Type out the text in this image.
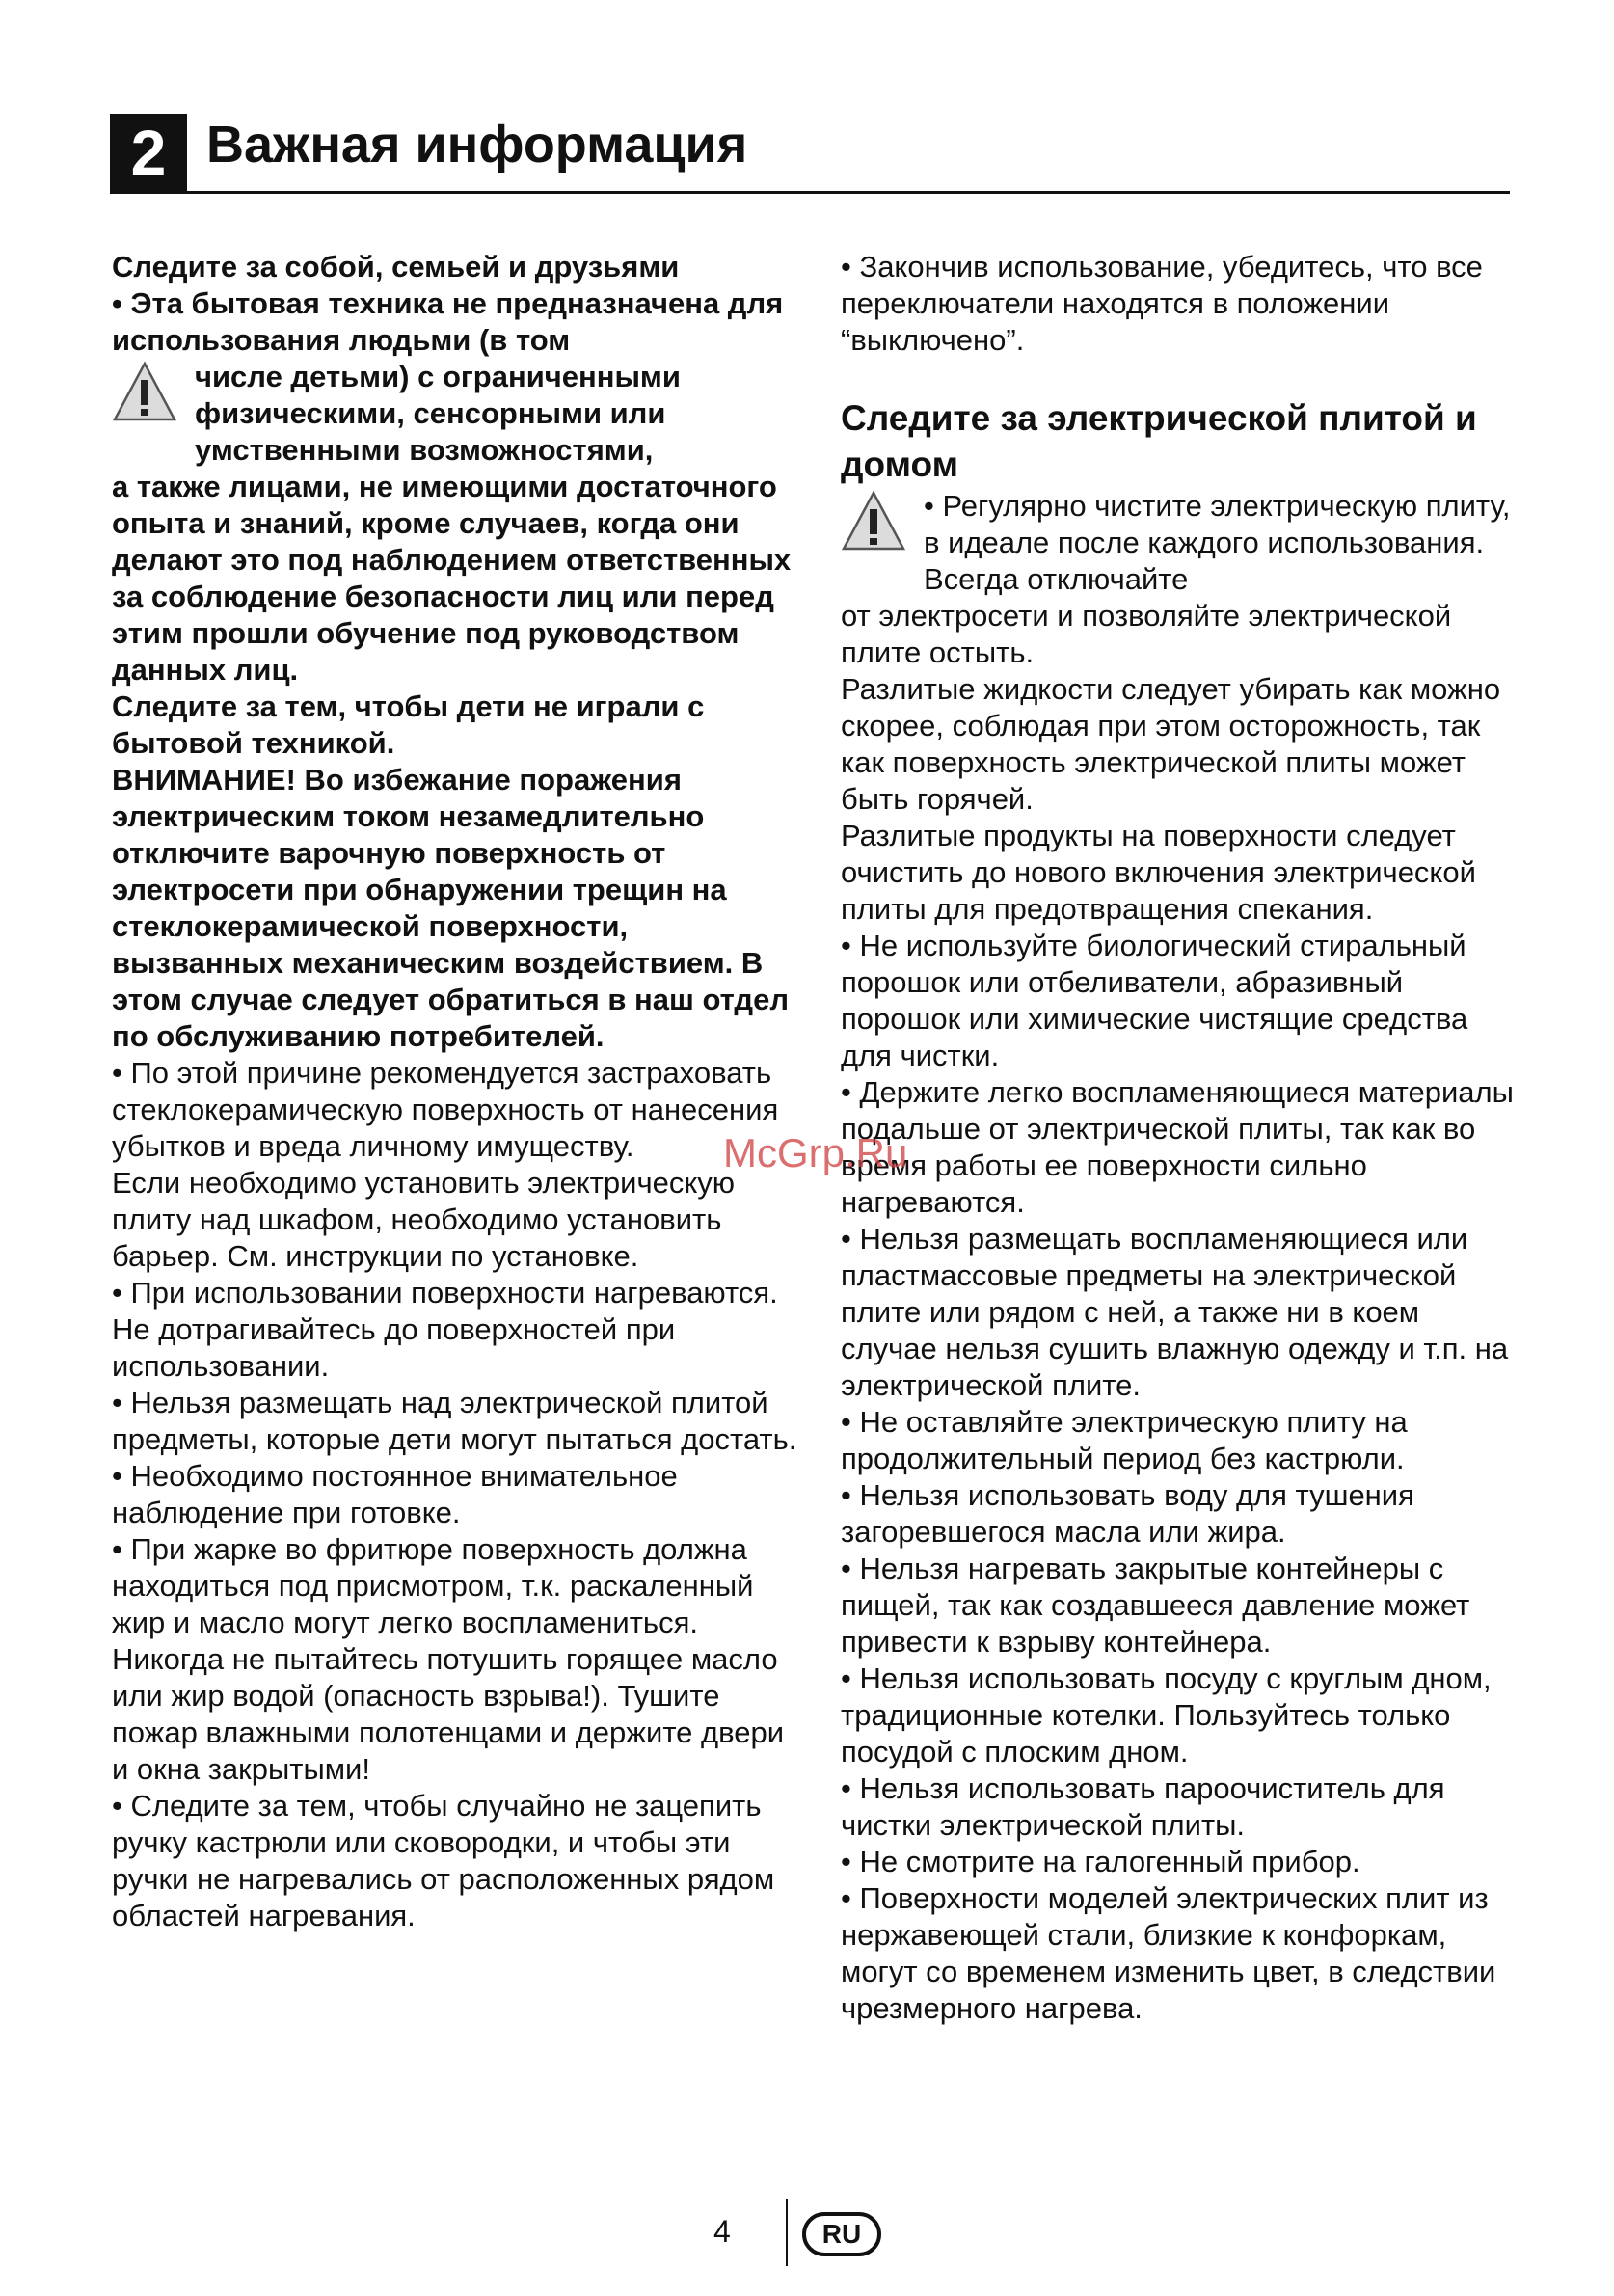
2 Важная информация

Следите за собой, семьей и друзьями

• Эта бытовая техника не предназначена для использования людьми (в том

числе детьми) с ограниченными физическими, сенсорными или умственными возможностями,

а также лицами, не имеющими достаточного опыта и знаний, кроме случаев, когда они делают это под наблюдением ответственных за соблюдение безопасности лиц или перед этим прошли обучение под руководством данных лиц.

Следите за тем, чтобы дети не играли с бытовой техникой.

ВНИМАНИЕ! Во избежание поражения электрическим током незамедлительно отключите варочную поверхность от электросети при обнаружении трещин на стеклокерамической поверхности, вызванных механическим воздействием. В этом случае следует обратиться в наш отдел по обслуживанию потребителей.

• По этой причине рекомендуется застраховать стеклокерамическую поверхность от нанесения убытков и вреда личному имуществу.

Если необходимо установить электрическую плиту над шкафом, необходимо установить барьер. См. инструкции по установке.

• При использовании поверхности нагреваются. Не дотрагивайтесь до поверхностей при использовании.

• Нельзя размещать над электрической плитой предметы, которые дети могут пытаться достать.

• Необходимо постоянное внимательное наблюдение при готовке.

• При жарке во фритюре поверхность должна находиться под присмотром, т.к. раскаленный жир и масло могут легко воспламениться. Никогда не пытайтесь потушить горящее масло или жир водой (опасность взрыва!). Тушите пожар влажными полотенцами и держите двери и окна закрытыми!

• Следите за тем, чтобы случайно не зацепить ручку кастрюли или сковородки, и чтобы эти ручки не нагревались от расположенных рядом областей нагревания.

• Закончив использование, убедитесь, что все переключатели находятся в положении “выключено”.

Следите за электрической плитой и домом

• Регулярно чистите электрическую плиту, в идеале после каждого использования. Всегда отключайте

от электросети и позволяйте электрической плите остыть.

Разлитые жидкости следует убирать как можно скорее, соблюдая при этом осторожность, так как поверхность электрической плиты может быть горячей.

Разлитые продукты на поверхности следует очистить до нового включения электрической плиты для предотвращения спекания.

• Не используйте биологический стиральный порошок или отбеливатели, абразивный порошок или химические чистящие средства для чистки.

• Держите легко воспламеняющиеся материалы подальше от электрической плиты, так как во время работы ее поверхности сильно нагреваются.

• Нельзя размещать воспламеняющиеся или пластмассовые предметы на электрической плите или рядом с ней, а также ни в коем случае нельзя сушить влажную одежду и т.п. на электрической плите.

• Не оставляйте электрическую плиту на продолжительный период без кастрюли.

• Нельзя использовать воду для тушения загоревшегося масла или жира.

• Нельзя нагревать закрытые контейнеры с пищей, так как создавшееся давление может привести к взрыву контейнера.

• Нельзя использовать посуду с круглым дном, традиционные котелки. Пользуйтесь только посудой с плоским дном.

• Нельзя использовать пароочиститель для чистки электрической плиты.

• Не смотрите на галогенный прибор.

• Поверхности моделей электрических плит из нержавеющей стали, близкие к конфоркам, могут со временем изменить цвет, в следствии чрезмерного нагрева.

McGrp.Ru
4	RU
